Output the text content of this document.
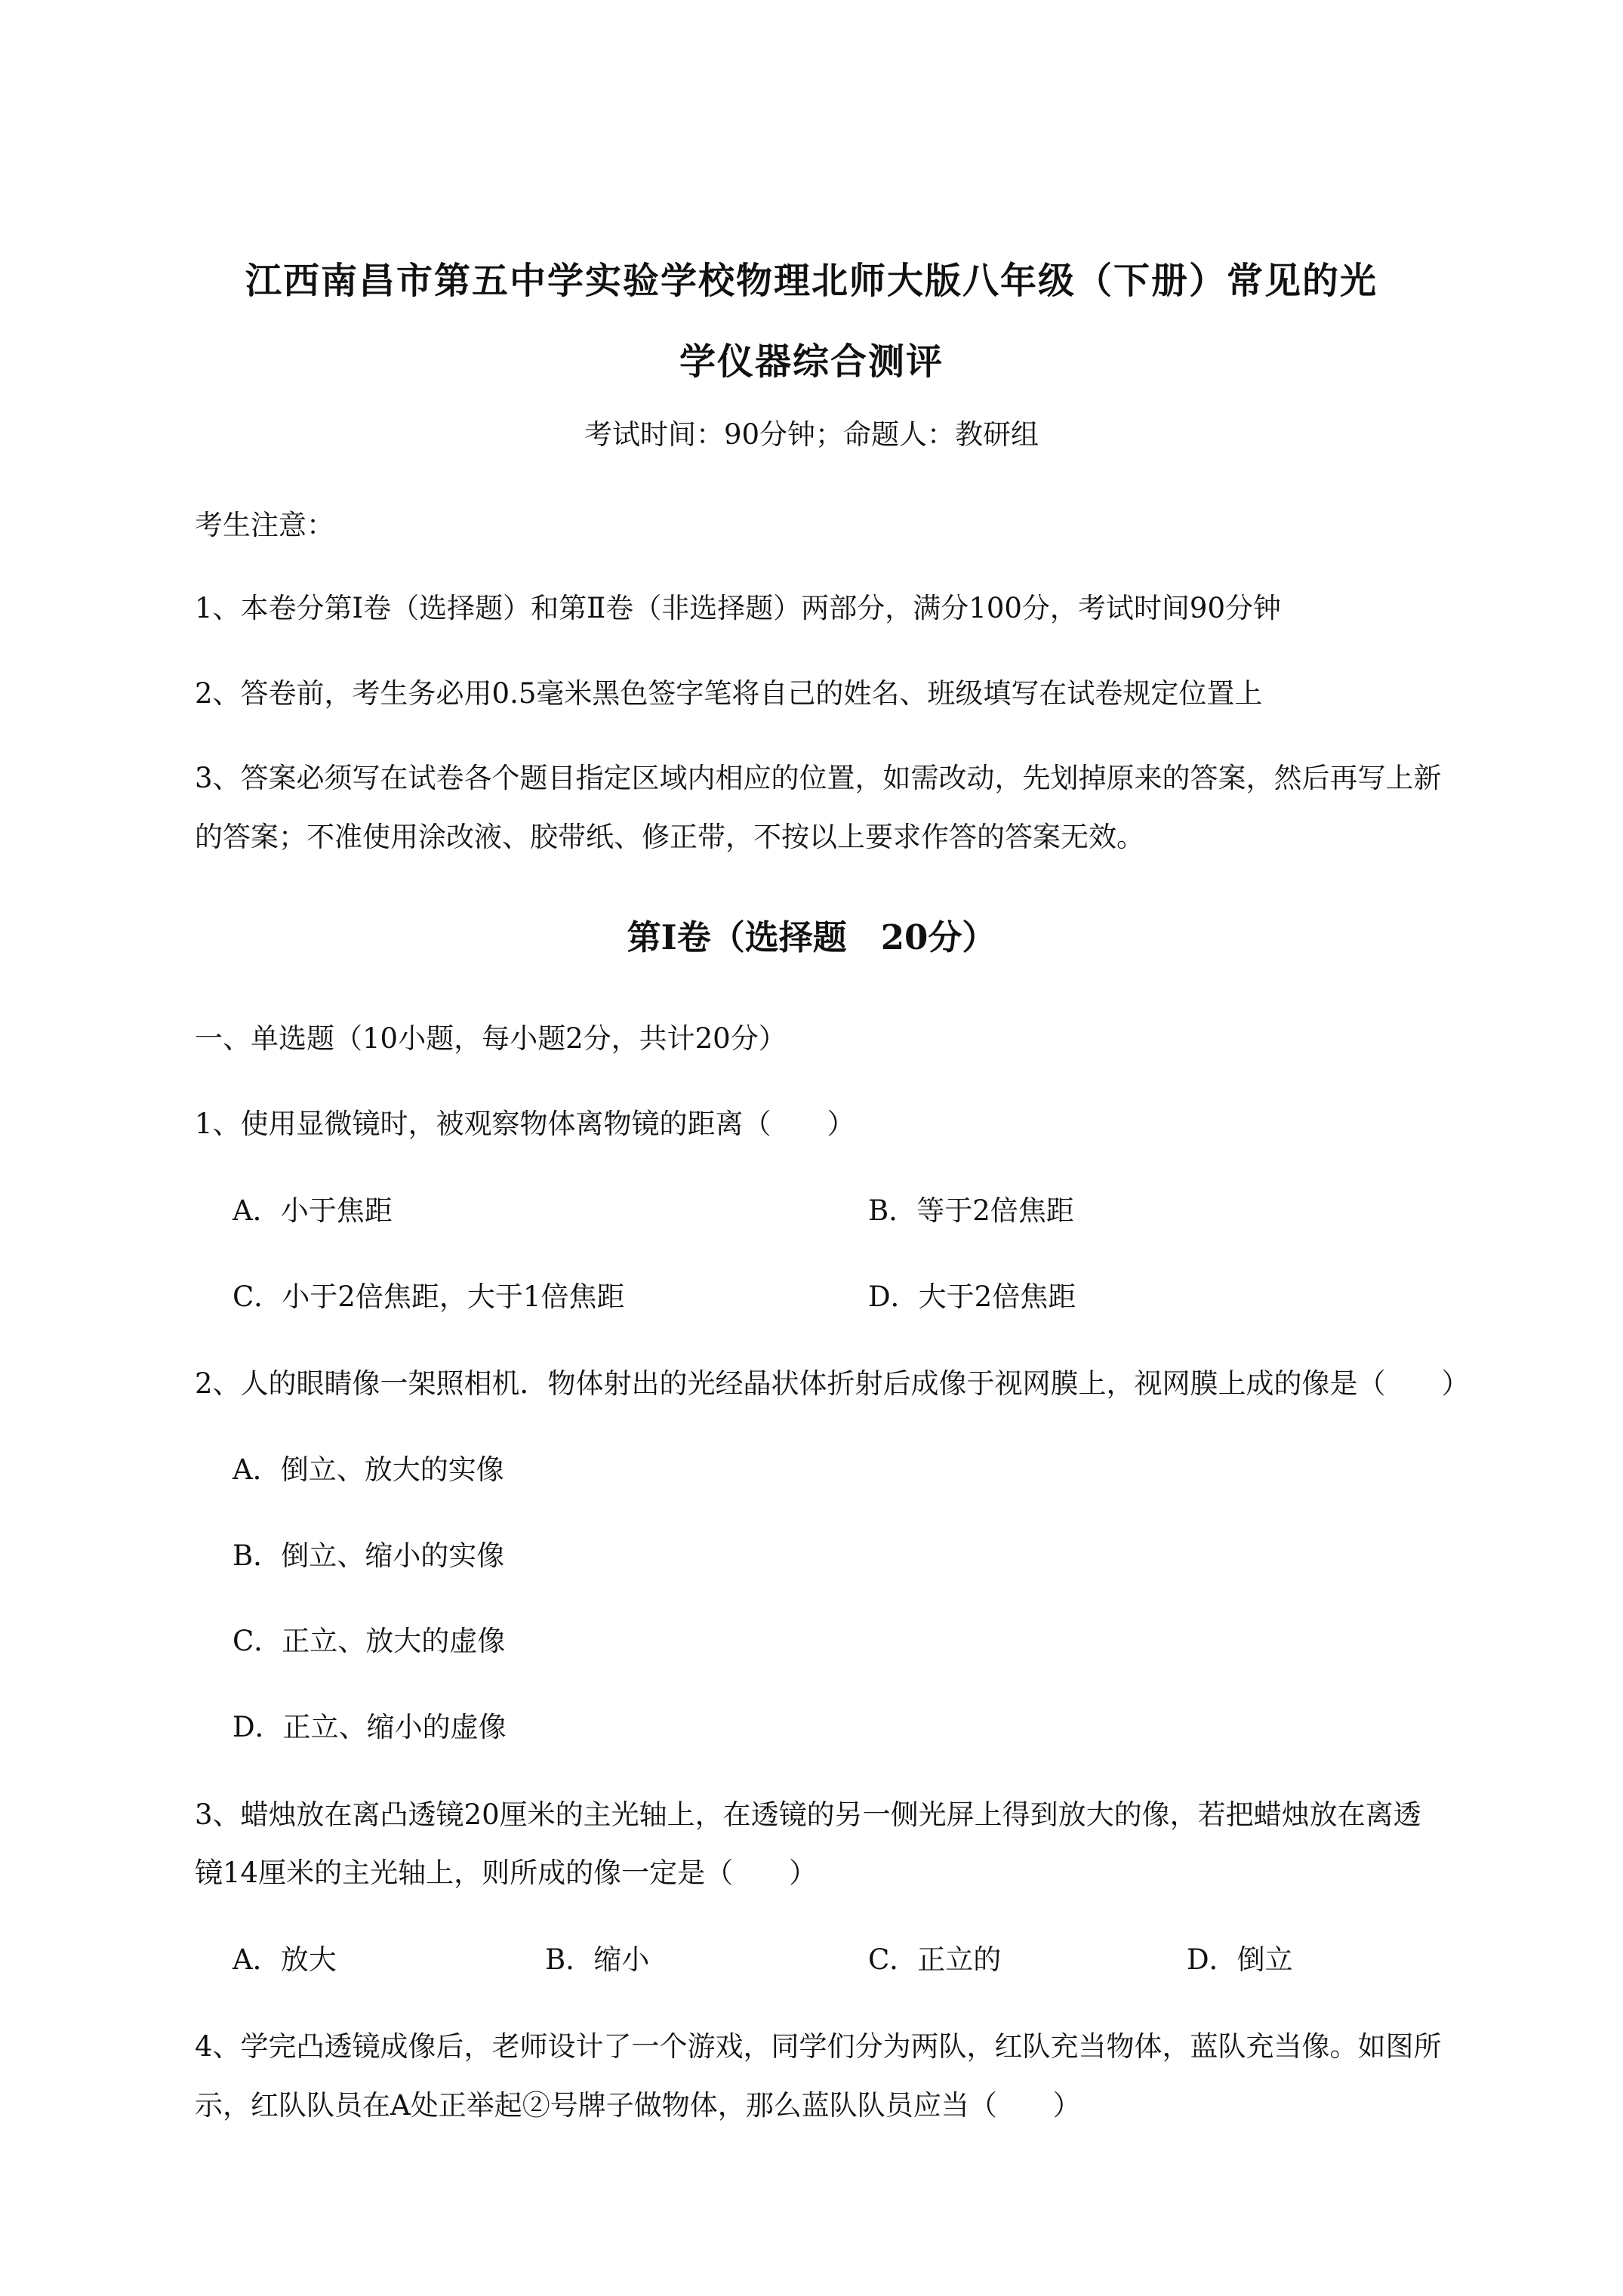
江西南昌市第五中学实验学校物理北师大版八年级（下册）常见的光
学仪器综合测评
考试时间：90分钟；命题人：教研组
考生注意：
1、本卷分第Ⅰ卷（选择题）和第Ⅱ卷（非选择题）两部分，满分100分，考试时间90分钟
2、答卷前，考生务必用0.5毫米黑色签字笔将自己的姓名、班级填写在试卷规定位置上
3、答案必须写在试卷各个题目指定区域内相应的位置，如需改动，先划掉原来的答案，然后再写上新
的答案；不准使用涂改液、胶带纸、修正带，不按以上要求作答的答案无效。
第Ⅰ卷（选择题　20分）
一、单选题（10小题，每小题2分，共计20分）
1、使用显微镜时，被观察物体离物镜的距离（　　）
A．小于焦距	B．等于2倍焦距
C．小于2倍焦距，大于1倍焦距	D．大于2倍焦距
2、人的眼睛像一架照相机．物体射出的光经晶状体折射后成像于视网膜上，视网膜上成的像是（　　）
A．倒立、放大的实像
B．倒立、缩小的实像
C．正立、放大的虚像
D．正立、缩小的虚像
3、蜡烛放在离凸透镜20厘米的主光轴上，在透镜的另一侧光屏上得到放大的像，若把蜡烛放在离透
镜14厘米的主光轴上，则所成的像一定是（　　）
A．放大	B．缩小	C．正立的	D．倒立
4、学完凸透镜成像后，老师设计了一个游戏，同学们分为两队，红队充当物体，蓝队充当像。如图所
示，红队队员在A处正举起②号牌子做物体，那么蓝队队员应当（　　）
